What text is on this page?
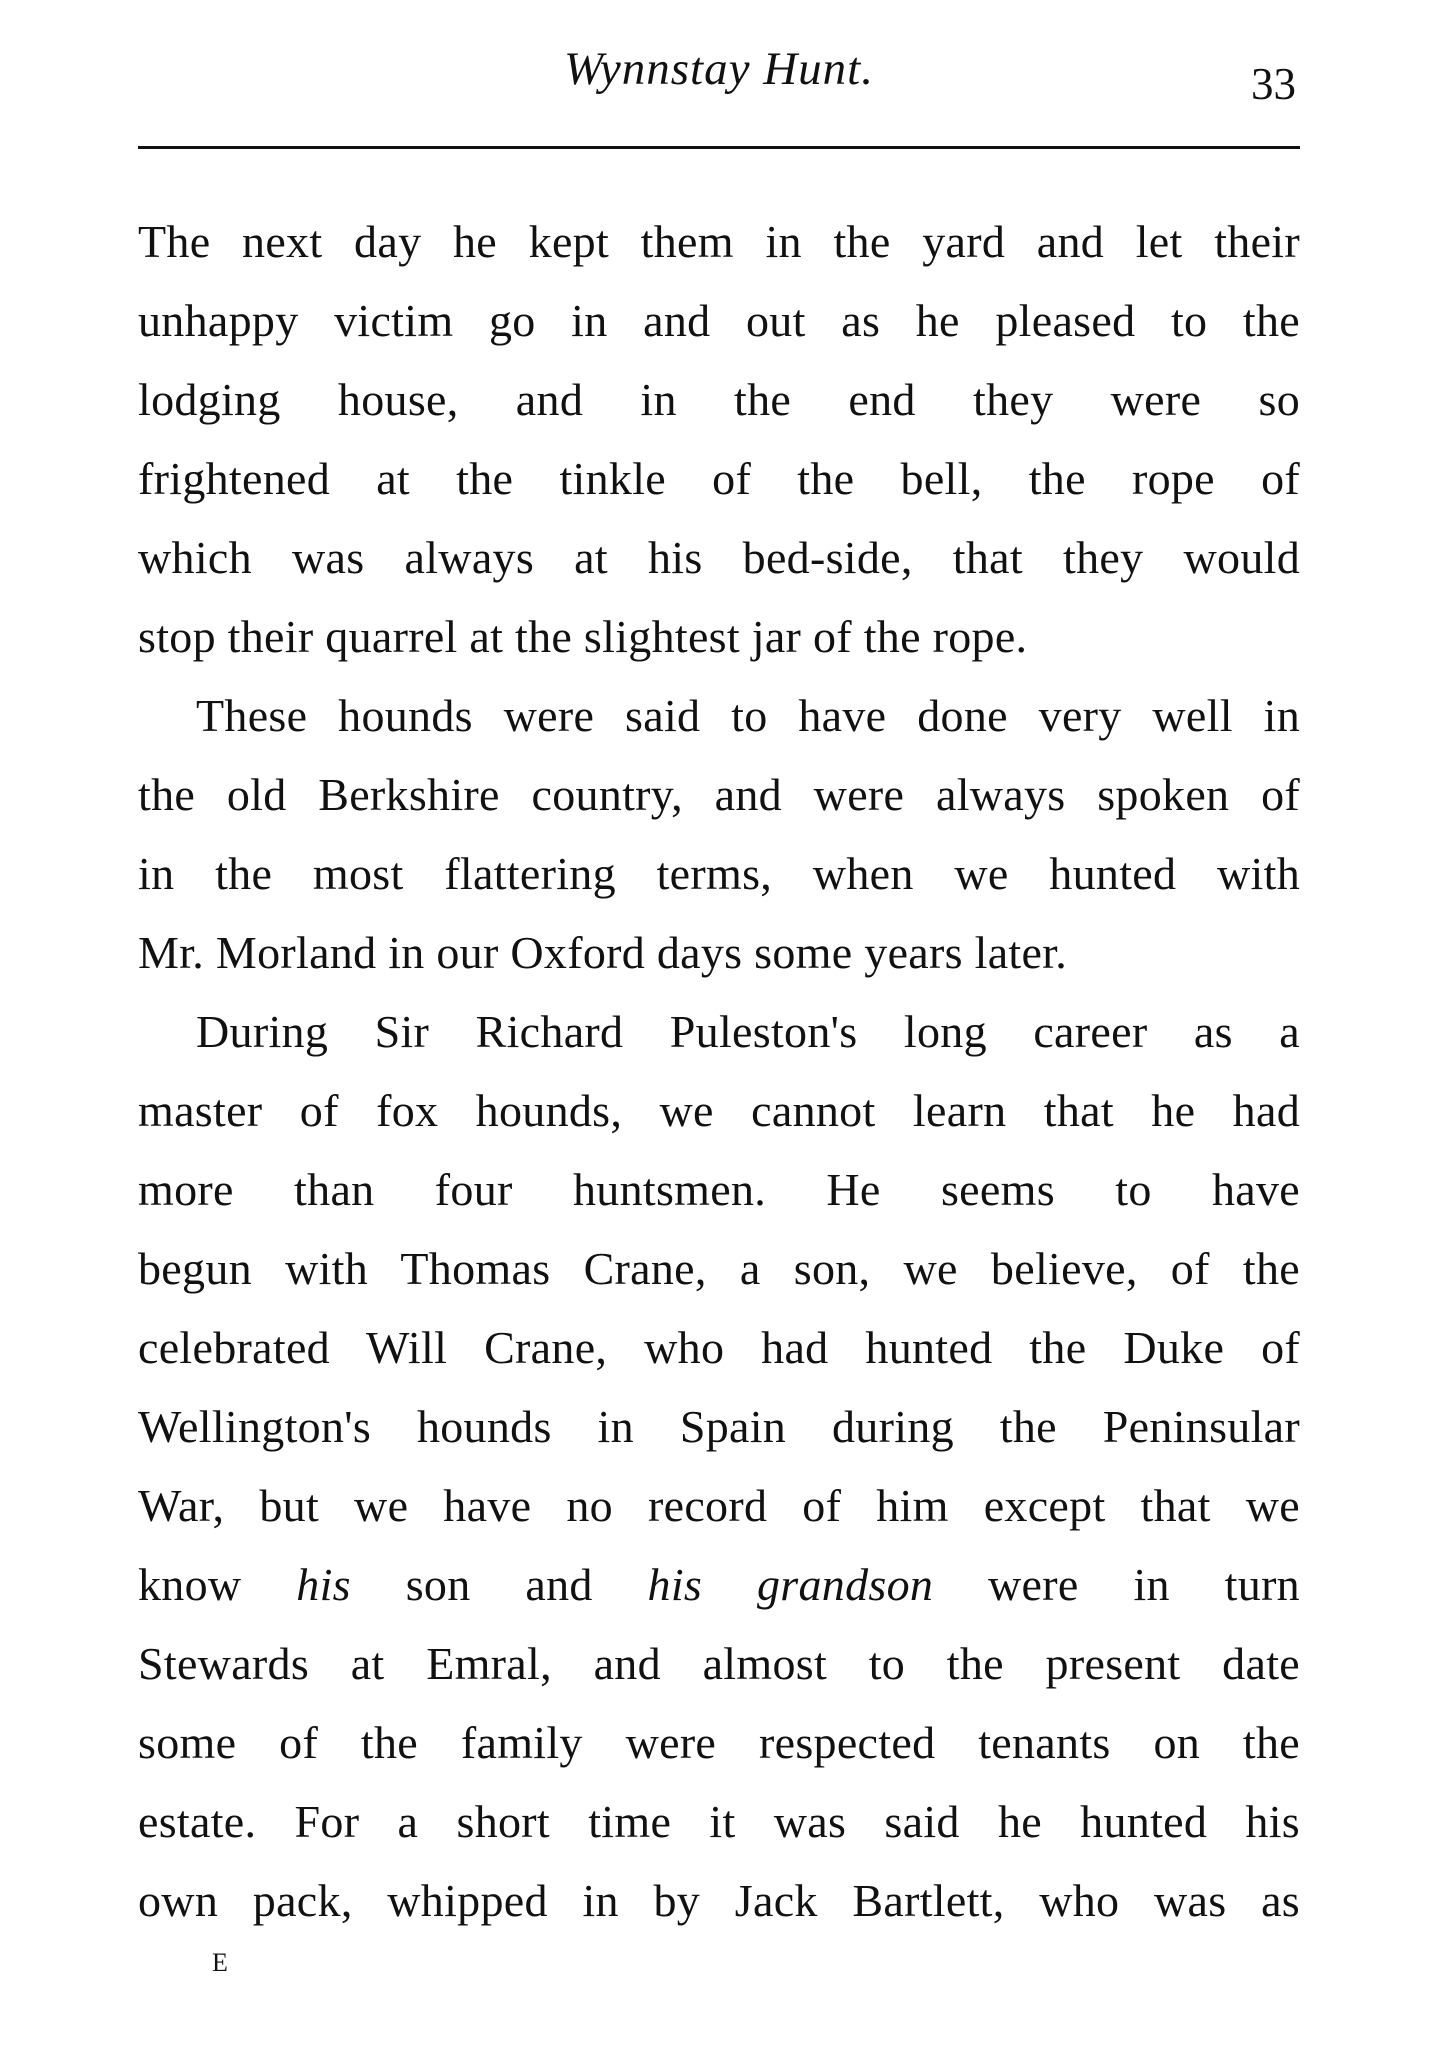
Wynnstay Hunt.	33
The next day he kept them in the yard and let their
unhappy victim go in and out as he pleased to the
lodging house, and in the end they were so
frightened at the tinkle of the bell, the rope of
which was always at his bed-side, that they would
stop their quarrel at the slightest jar of the rope.
These hounds were said to have done very well in
the old Berkshire country, and were always spoken of
in the most flattering terms, when we hunted with
Mr. Morland in our Oxford days some years later.
During Sir Richard Puleston's long career as a
master of fox hounds, we cannot learn that he had
more than four huntsmen. He seems to have
begun with Thomas Crane, a son, we believe, of the
celebrated Will Crane, who had hunted the Duke of
Wellington's hounds in Spain during the Peninsular
War, but we have no record of him except that we
know his son and his grandson were in turn
Stewards at Emral, and almost to the present date
some of the family were respected tenants on the
estate. For a short time it was said he hunted his
own pack, whipped in by Jack Bartlett, who was as
E
